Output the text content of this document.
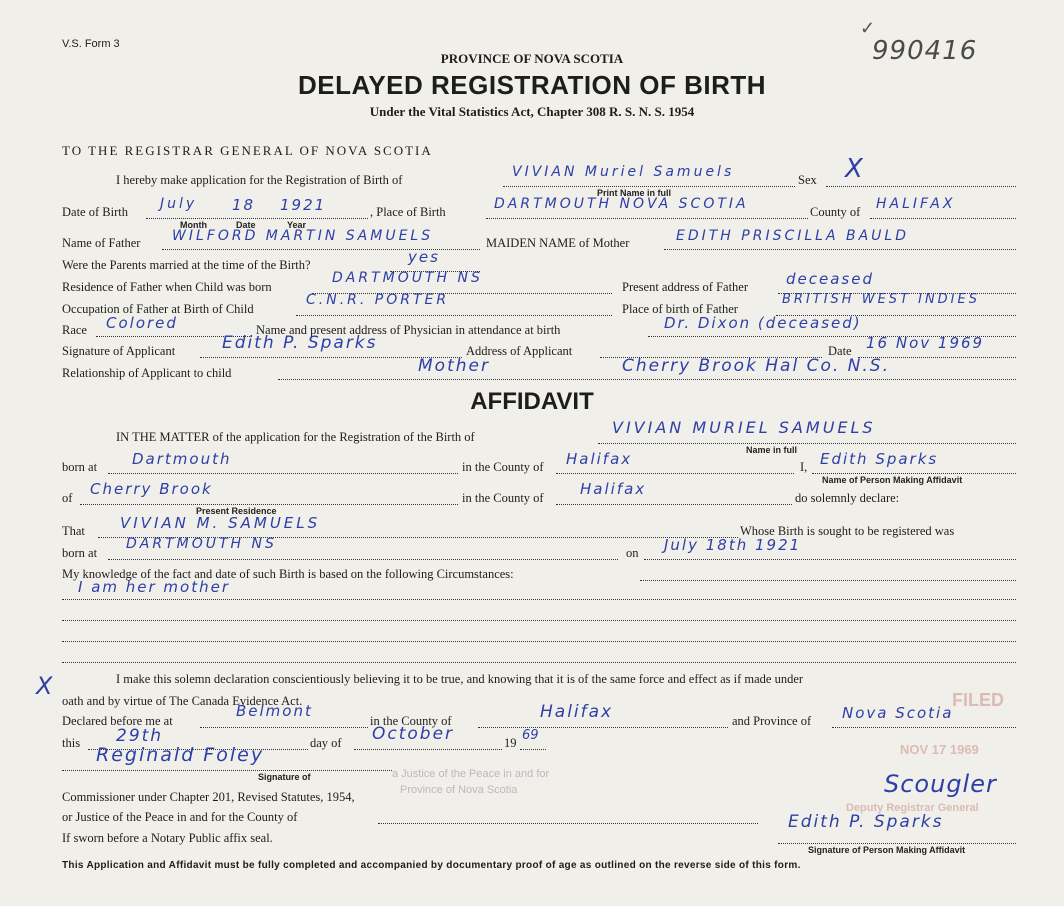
V.S. Form 3
✓
990416
PROVINCE OF NOVA SCOTIA
DELAYED REGISTRATION OF BIRTH
Under the Vital Statistics Act, Chapter 308 R. S. N. S. 1954
TO THE REGISTRAR GENERAL OF NOVA SCOTIA
I hereby make application for the Registration of Birth of	VIVIAN Muriel Samuels
Print Name in full
Sex X
Date of Birth July 18 1921
Month	Date	Year
, Place of Birth	DARTMOUTH NOVA SCOTIA	County of HALIFAX
Name of Father WILFORD MARTIN SAMUELS	MAIDEN NAME of Mother	EDITH PRISCILLA BAULD
Were the Parents married at the time of the Birth?	yes
Residence of Father when Child was born
DARTMOUTH NS
Present address of Father	deceased
Occupation of Father at Birth of Child
C.N.R. PORTER
Place of birth of Father
BRITISH WEST INDIES
Race Colored	Name and present address of Physician in attendance at birth	Dr. Dixon (deceased)
Signature of Applicant	Edith P. Sparks	Address of Applicant	Date 16 Nov 1969
Relationship of Applicant to child	Mother	Cherry Brook Hal Co. N.S.
AFFIDAVIT
IN THE MATTER of the application for the Registration of the Birth of	VIVIAN MURIEL SAMUELS
Name in full
born at Dartmouth	in the County of Halifax	I, Edith Sparks
Name of Person Making Affidavit
of Cherry Brook
Present Residence
in the County of Halifax	do solemnly declare:
That VIVIAN M. SAMUELS	Whose Birth is sought to be registered was
born at
DARTMOUTH NS
on July 18th 1921
My knowledge of the fact and date of such Birth is based on the following Circumstances:
I am her mother
X	I make this solemn declaration conscientiously believing it to be true, and knowing that it is of the same force and effect as if made under
oath and by virtue of The Canada Evidence Act.
Declared before me at
Belmont
in the County of	Halifax	and Province of Nova Scotia
this 29th	day of October	19 69
Reginald Foley
Signature of
Commissioner under Chapter 201, Revised Statutes, 1954,
or Justice of the Peace in and for the County of
If sworn before a Notary Public affix seal.
a Justice of the Peace in and for
Province of Nova Scotia
FILED
NOV 17 1969
Deputy Registrar General
Scougler
Edith P. Sparks
Signature of Person Making Affidavit
This Application and Affidavit must be fully completed and accompanied by documentary proof of age as outlined on the reverse side of this form.
